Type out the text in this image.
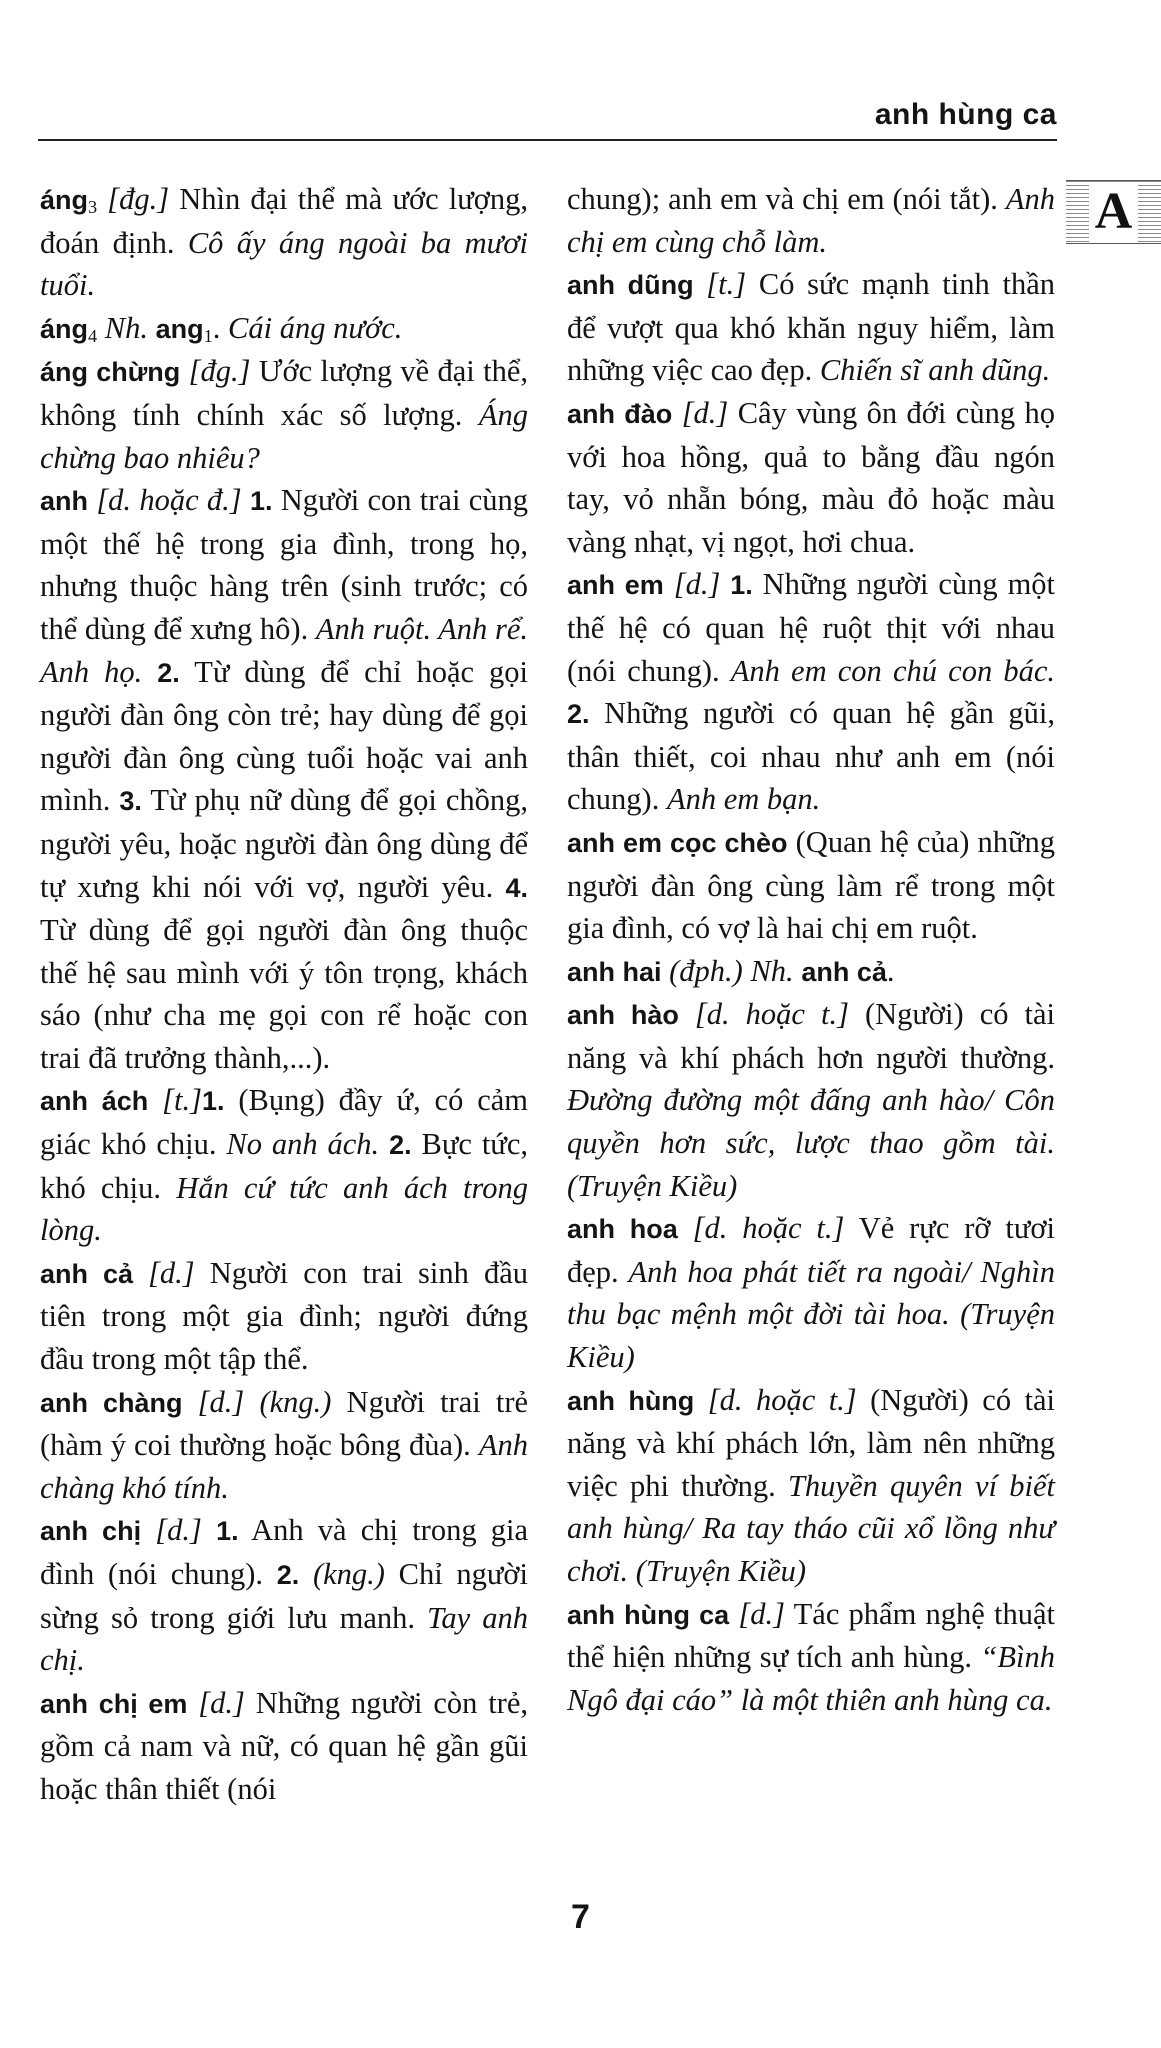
anh hùng ca
A

áng$_3$ [đg.] Nhìn đại thể mà ước lượng, đoán định. Cô ấy áng ngoài ba mươi tuổi.

áng$_4$ Nh. ang$_1$. Cái áng nước.

áng chừng [đg.] Ước lượng về đại thể, không tính chính xác số lượng. Áng chừng bao nhiêu?

anh [d. hoặc đ.] 1. Người con trai cùng một thế hệ trong gia đình, trong họ, nhưng thuộc hàng trên (sinh trước; có thể dùng để xưng hô). Anh ruột. Anh rể. Anh họ. 2. Từ dùng để chỉ hoặc gọi người đàn ông còn trẻ; hay dùng để gọi người đàn ông cùng tuổi hoặc vai anh mình. 3. Từ phụ nữ dùng để gọi chồng, người yêu, hoặc người đàn ông dùng để tự xưng khi nói với vợ, người yêu. 4. Từ dùng để gọi người đàn ông thuộc thế hệ sau mình với ý tôn trọng, khách sáo (như cha mẹ gọi con rể hoặc con trai đã trưởng thành,...).

anh ách [t.]1. (Bụng) đầy ứ, có cảm giác khó chịu. No anh ách. 2. Bực tức, khó chịu. Hắn cứ tức anh ách trong lòng.

anh cả [d.] Người con trai sinh đầu tiên trong một gia đình; người đứng đầu trong một tập thể.

anh chàng [d.] (kng.) Người trai trẻ (hàm ý coi thường hoặc bông đùa). Anh chàng khó tính.

anh chị [d.] 1. Anh và chị trong gia đình (nói chung). 2. (kng.) Chỉ người sừng sỏ trong giới lưu manh. Tay anh chị.

anh chị em [d.] Những người còn trẻ, gồm cả nam và nữ, có quan hệ gần gũi hoặc thân thiết (nói

chung); anh em và chị em (nói tắt). Anh chị em cùng chỗ làm.

anh dũng [t.] Có sức mạnh tinh thần để vượt qua khó khăn nguy hiểm, làm những việc cao đẹp. Chiến sĩ anh dũng.

anh đào [d.] Cây vùng ôn đới cùng họ với hoa hồng, quả to bằng đầu ngón tay, vỏ nhẵn bóng, màu đỏ hoặc màu vàng nhạt, vị ngọt, hơi chua.

anh em [d.] 1. Những người cùng một thế hệ có quan hệ ruột thịt với nhau (nói chung). Anh em con chú con bác. 2. Những người có quan hệ gần gũi, thân thiết, coi nhau như anh em (nói chung). Anh em bạn.

anh em cọc chèo (Quan hệ của) những người đàn ông cùng làm rể trong một gia đình, có vợ là hai chị em ruột.

anh hai (đph.) Nh. anh cả.

anh hào [d. hoặc t.] (Người) có tài năng và khí phách hơn người thường. Đường đường một đấng anh hào/ Côn quyền hơn sức, lược thao gồm tài. (Truyện Kiều)

anh hoa [d. hoặc t.] Vẻ rực rỡ tươi đẹp. Anh hoa phát tiết ra ngoài/ Nghìn thu bạc mệnh một đời tài hoa. (Truyện Kiều)

anh hùng [d. hoặc t.] (Người) có tài năng và khí phách lớn, làm nên những việc phi thường. Thuyền quyên ví biết anh hùng/ Ra tay tháo cũi xổ lồng như chơi. (Truyện Kiều)

anh hùng ca [d.] Tác phẩm nghệ thuật thể hiện những sự tích anh hùng. “Bình Ngô đại cáo” là một thiên anh hùng ca.

7
